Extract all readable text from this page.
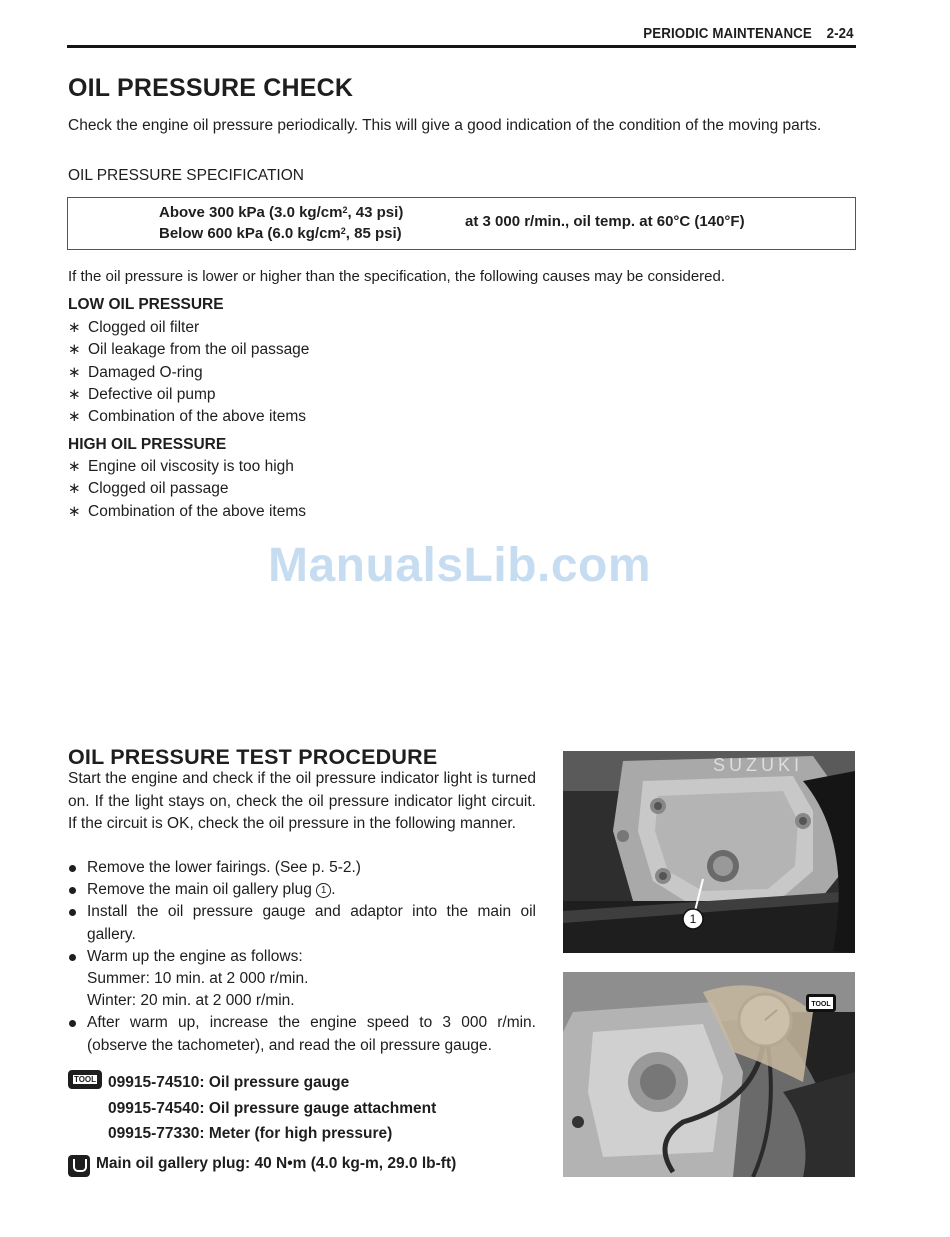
PERIODIC MAINTENANCE 2-24
OIL PRESSURE CHECK
Check the engine oil pressure periodically. This will give a good indication of the condition of the moving parts.
OIL PRESSURE SPECIFICATION
Above 300 kPa (3.0 $kg/cm^2$, 43 psi)
Below 600 kPa (6.0 $kg/cm^2$, 85 psi)
at 3 000 r/min., oil temp. at 60°C (140°F)
If the oil pressure is lower or higher than the specification, the following causes may be considered.
LOW OIL PRESSURE
∗ Clogged oil filter
∗ Oil leakage from the oil passage
∗ Damaged O-ring
∗ Defective oil pump
∗ Combination of the above items
HIGH OIL PRESSURE
∗ Engine oil viscosity is too high
∗ Clogged oil passage
∗ Combination of the above items
ManualsLib.com
OIL PRESSURE TEST PROCEDURE
Start the engine and check if the oil pressure indicator light is turned on. If the light stays on, check the oil pressure indicator light circuit. If the circuit is OK, check the oil pressure in the following manner.
Remove the lower fairings. (See p. 5-2.)
Remove the main oil gallery plug 1 .
Install the oil pressure gauge and adaptor into the main oil gallery.
Warm up the engine as follows:
Summer: 10 min. at 2 000 r/min.
Winter: 20 min. at 2 000 r/min.
After warm up, increase the engine speed to 3 000 r/min. (observe the tachometer), and read the oil pressure gauge.
TOOL 09915-74510: Oil pressure gauge
09915-74540: Oil pressure gauge attachment
09915-77330: Meter (for high pressure)
Main oil gallery plug: 40 N•m (4.0 kg-m, 29.0 lb-ft)
SUZUKI
1
TOOL
